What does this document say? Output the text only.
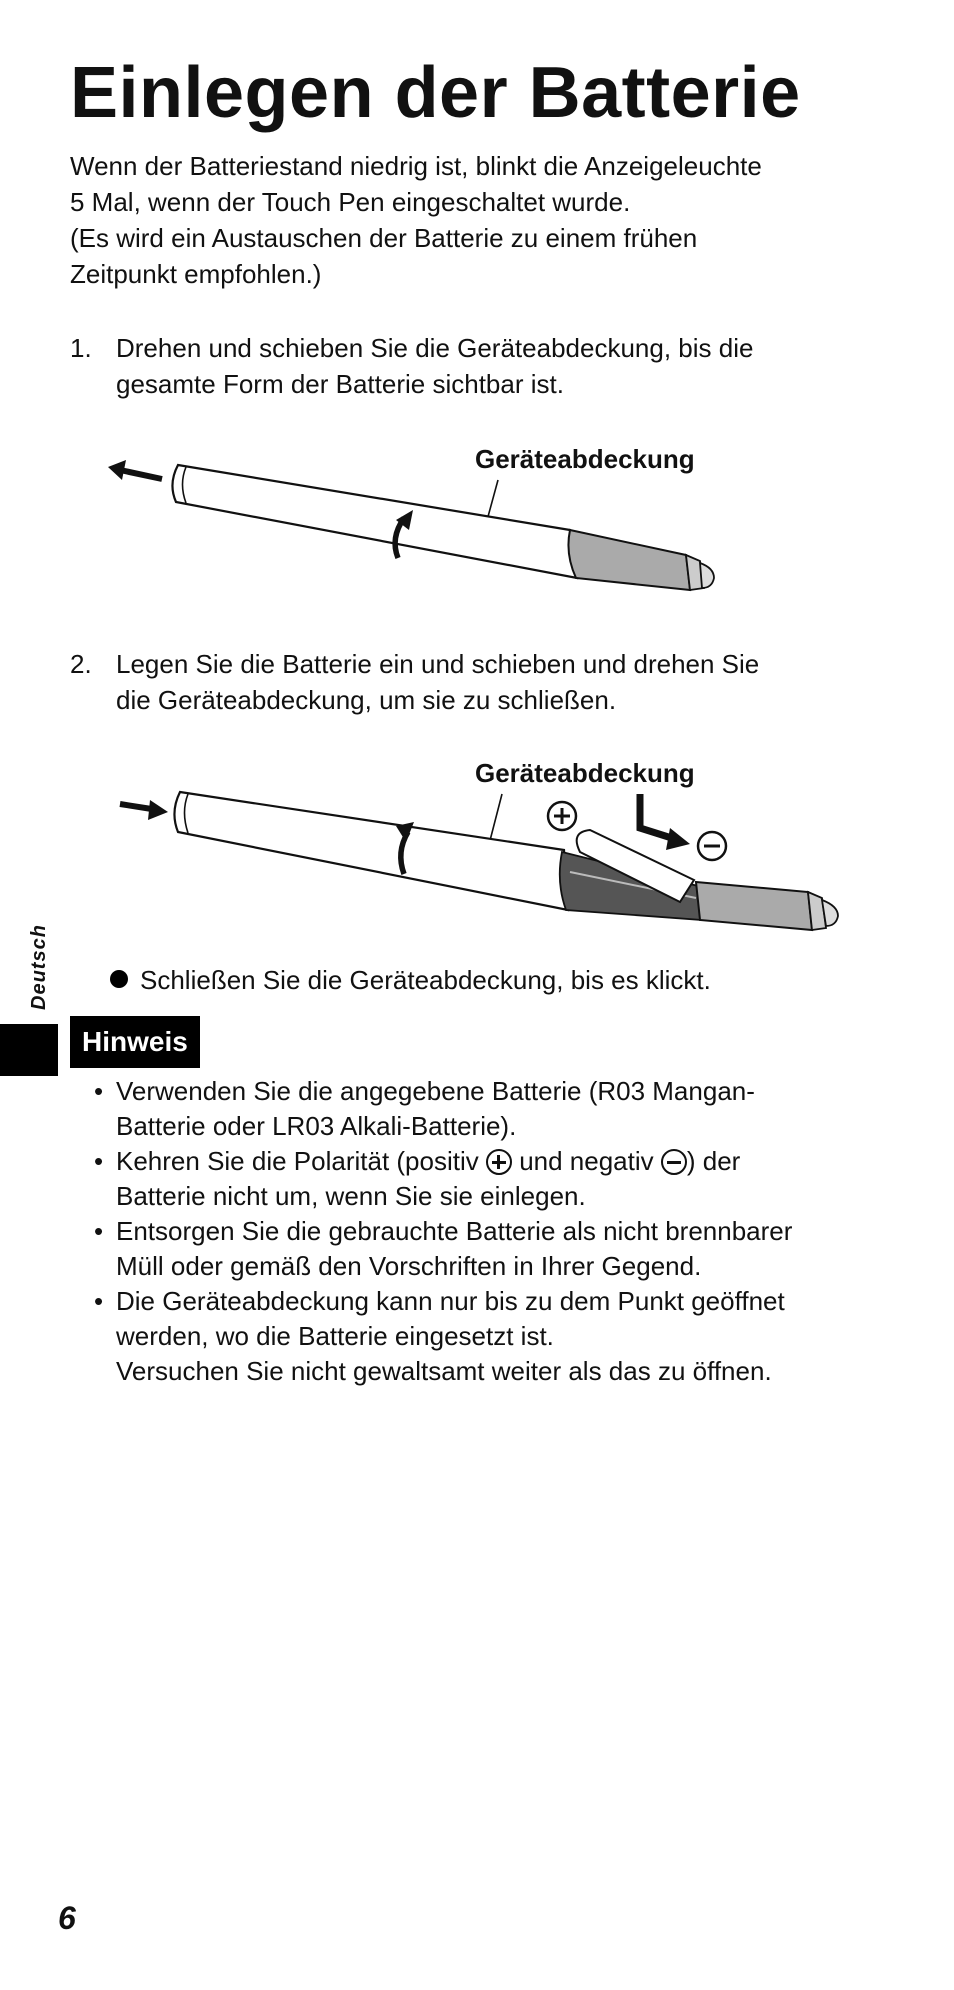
Einlegen der Batterie

Wenn der Batteriestand niedrig ist, blinkt die Anzeigeleuchte
5 Mal, wenn der Touch Pen eingeschaltet wurde.
(Es wird ein Austauschen der Batterie zu einem frühen
Zeitpunkt empfohlen.)

1. Drehen und schieben Sie die Geräteabdeckung, bis die
gesamte Form der Batterie sichtbar ist.
Geräteabdeckung
2. Legen Sie die Batterie ein und schieben und drehen Sie
die Geräteabdeckung, um sie zu schließen.
Geräteabdeckung
Schließen Sie die Geräteabdeckung, bis es klickt.
Hinweis
• Verwenden Sie die angegebene Batterie (R03 Mangan-
Batterie oder LR03 Alkali-Batterie).
• Kehren Sie die Polarität (positiv  und negativ ) der
Batterie nicht um, wenn Sie sie einlegen.
• Entsorgen Sie die gebrauchte Batterie als nicht brennbarer
Müll oder gemäß den Vorschriften in Ihrer Gegend.
• Die Geräteabdeckung kann nur bis zu dem Punkt geöffnet
werden, wo die Batterie eingesetzt ist.
Versuchen Sie nicht gewaltsamt weiter als das zu öffnen.
Deutsch
6
